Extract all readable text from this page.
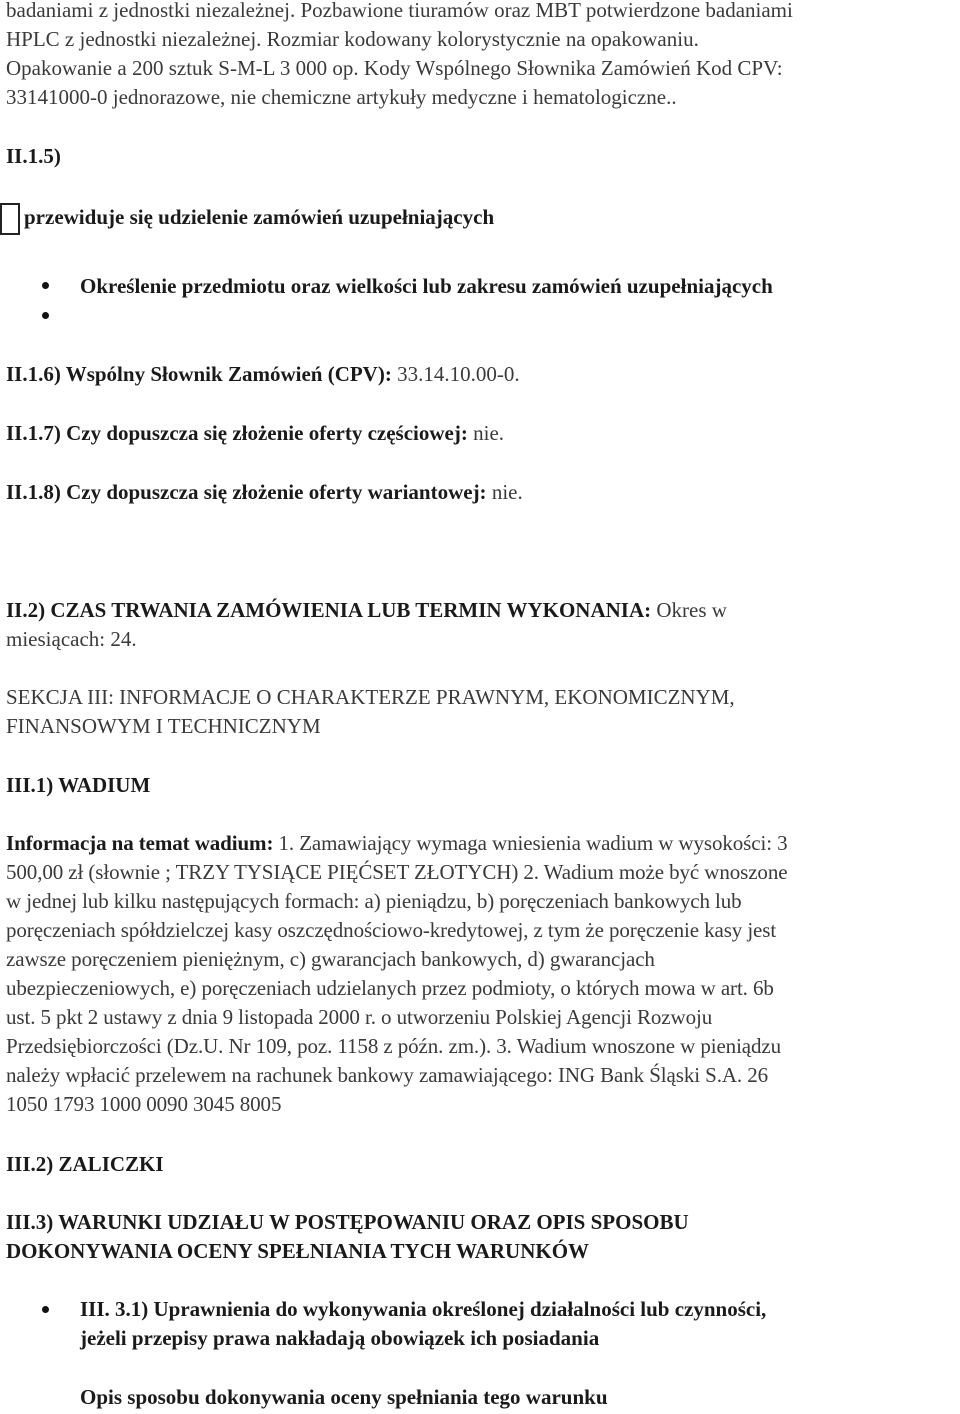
badaniami z jednostki niezależnej. Pozbawione tiuramów oraz MBT potwierdzone badaniami
HPLC z jednostki niezależnej. Rozmiar kodowany kolorystycznie na opakowaniu.
Opakowanie a 200 sztuk S-M-L 3 000 op. Kody Wspólnego Słownika Zamówień Kod CPV:
33141000-0 jednorazowe, nie chemiczne artykuły medyczne i hematologiczne..
II.1.5)
przewiduje się udzielenie zamówień uzupełniających
Określenie przedmiotu oraz wielkości lub zakresu zamówień uzupełniających
II.1.6) Wspólny Słownik Zamówień (CPV): 33.14.10.00-0.
II.1.7) Czy dopuszcza się złożenie oferty częściowej: nie.
II.1.8) Czy dopuszcza się złożenie oferty wariantowej: nie.
II.2) CZAS TRWANIA ZAMÓWIENIA LUB TERMIN WYKONANIA: Okres w
miesiącach: 24.
SEKCJA III: INFORMACJE O CHARAKTERZE PRAWNYM, EKONOMICZNYM,
FINANSOWYM I TECHNICZNYM
III.1) WADIUM
Informacja na temat wadium: 1. Zamawiający wymaga wniesienia wadium w wysokości: 3
500,00 zł (słownie ; TRZY TYSIĄCE PIĘĆSET ZŁOTYCH) 2. Wadium może być wnoszone
w jednej lub kilku następujących formach: a) pieniądzu, b) poręczeniach bankowych lub
poręczeniach spółdzielczej kasy oszczędnościowo-kredytowej, z tym że poręczenie kasy jest
zawsze poręczeniem pieniężnym, c) gwarancjach bankowych, d) gwarancjach
ubezpieczeniowych, e) poręczeniach udzielanych przez podmioty, o których mowa w art. 6b
ust. 5 pkt 2 ustawy z dnia 9 listopada 2000 r. o utworzeniu Polskiej Agencji Rozwoju
Przedsiębiorczości (Dz.U. Nr 109, poz. 1158 z późn. zm.). 3. Wadium wnoszone w pieniądzu
należy wpłacić przelewem na rachunek bankowy zamawiającego: ING Bank Śląski S.A. 26
1050 1793 1000 0090 3045 8005
III.2) ZALICZKI
III.3) WARUNKI UDZIAŁU W POSTĘPOWANIU ORAZ OPIS SPOSOBU
DOKONYWANIA OCENY SPEŁNIANIA TYCH WARUNKÓW
III. 3.1) Uprawnienia do wykonywania określonej działalności lub czynności,
jeżeli przepisy prawa nakładają obowiązek ich posiadania
Opis sposobu dokonywania oceny spełniania tego warunku
